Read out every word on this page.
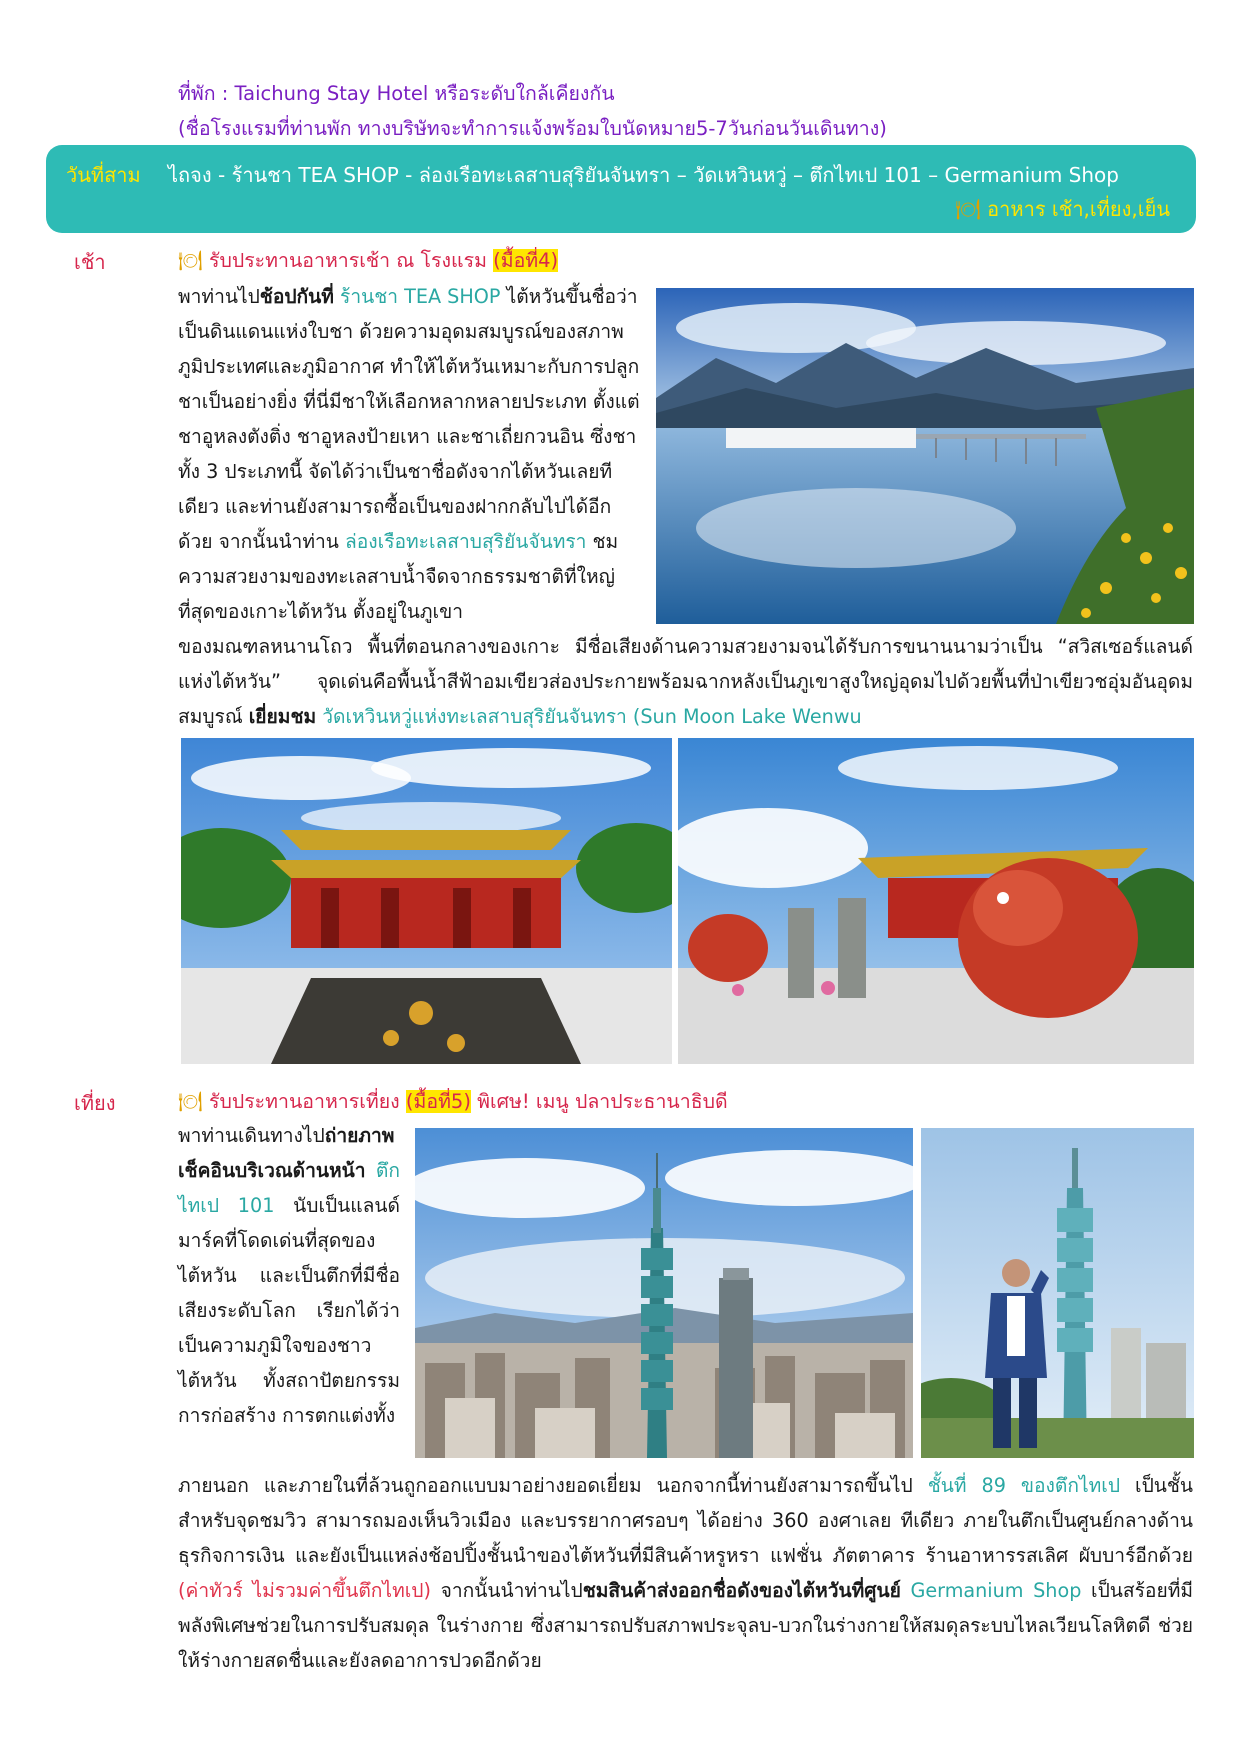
ที่พัก : Taichung Stay Hotel หรือระดับใกล้เคียงกัน
(ชื่อโรงแรมที่ท่านพัก ทางบริษัทจะทำการแจ้งพร้อมใบนัดหมาย5-7วันก่อนวันเดินทาง)
วันที่สาม ไถจง - ร้านชา TEA SHOP - ล่องเรือทะเลสาบสุริยันจันทรา – วัดเหวินหวู่ – ตึกไทเป 101 – Germanium Shop
🍽︎ อาหาร เช้า,เที่ยง,เย็น
เช้า	🍽︎ รับประทานอาหารเช้า ณ โรงแรม (มื้อที่4)
พาท่านไปช้อปกันที่ ร้านชา TEA SHOP ไต้หวันขึ้นชื่อว่าเป็นดินแดนแห่งใบชา ด้วยความอุดมสมบูรณ์ของสภาพภูมิประเทศและภูมิอากาศ ทำให้ไต้หวันเหมาะกับการปลูกชาเป็นอย่างยิ่ง ที่นี่มีชาให้เลือกหลากหลายประเภท ตั้งแต่ ชาอูหลงตังติ่ง ชาอูหลงป้ายเหา และชาเถี่ยกวนอิน ซึ่งชาทั้ง 3 ประเภทนี้ จัดได้ว่าเป็นชาชื่อดังจากไต้หวันเลยทีเดียว และท่านยังสามารถซื้อเป็นของฝากกลับไปได้อีกด้วย จากนั้นนำท่าน ล่องเรือทะเลสาบสุริยันจันทรา ชมความสวยงามของทะเลสาบน้ำจืดจากธรรมชาติที่ใหญ่ที่สุดของเกาะไต้หวัน ตั้งอยู่ในภูเขา
ของมณฑลหนานโถว พื้นที่ตอนกลางของเกาะ มีชื่อเสียงด้านความสวยงามจนได้รับการขนานนามว่าเป็น “สวิสเซอร์แลนด์แห่งไต้หวัน” จุดเด่นคือพื้นน้ำสีฟ้าอมเขียวส่องประกายพร้อมฉากหลังเป็นภูเขาสูงใหญ่อุดมไปด้วยพื้นที่ป่าเขียวชอุ่มอันอุดมสมบูรณ์ เยี่ยมชม วัดเหวินหวู่แห่งทะเลสาบสุริยันจันทรา (Sun Moon Lake Wenwu
เที่ยง	🍽︎ รับประทานอาหารเที่ยง (มื้อที่5) พิเศษ! เมนู ปลาประธานาธิบดี
พาท่านเดินทางไปถ่ายภาพเช็คอินบริเวณด้านหน้า ตึกไทเป 101 นับเป็นแลนด์มาร์คที่โดดเด่นที่สุดของไต้หวัน และเป็นตึกที่มีชื่อเสียงระดับโลก เรียกได้ว่าเป็นความภูมิใจของชาวไต้หวัน ทั้งสถาปัตยกรรมการก่อสร้าง การตกแต่งทั้ง
ภายนอก และภายในที่ล้วนถูกออกแบบมาอย่างยอดเยี่ยม นอกจากนี้ท่านยังสามารถขึ้นไป ชั้นที่ 89 ของตึกไทเป เป็นชั้นสำหรับจุดชมวิว สามารถมองเห็นวิวเมือง และบรรยากาศรอบๆ ได้อย่าง 360 องศาเลย ทีเดียว ภายในตึกเป็นศูนย์กลางด้านธุรกิจการเงิน และยังเป็นแหล่งช้อปปิ้งชั้นนำของไต้หวันที่มีสินค้าหรูหรา แฟชั่น ภัตตาคาร ร้านอาหารรสเลิศ ผับบาร์อีกด้วย (ค่าทัวร์ ไม่รวมค่าขึ้นตึกไทเป) จากนั้นนำท่านไปชมสินค้าส่งออกชื่อดังของไต้หวันที่ศูนย์ Germanium Shop เป็นสร้อยที่มีพลังพิเศษช่วยในการปรับสมดุล ในร่างกาย ซึ่งสามารถปรับสภาพประจุลบ-บวกในร่างกายให้สมดุลระบบไหลเวียนโลหิตดี ช่วยให้ร่างกายสดชื่นและยังลดอาการปวดอีกด้วย
